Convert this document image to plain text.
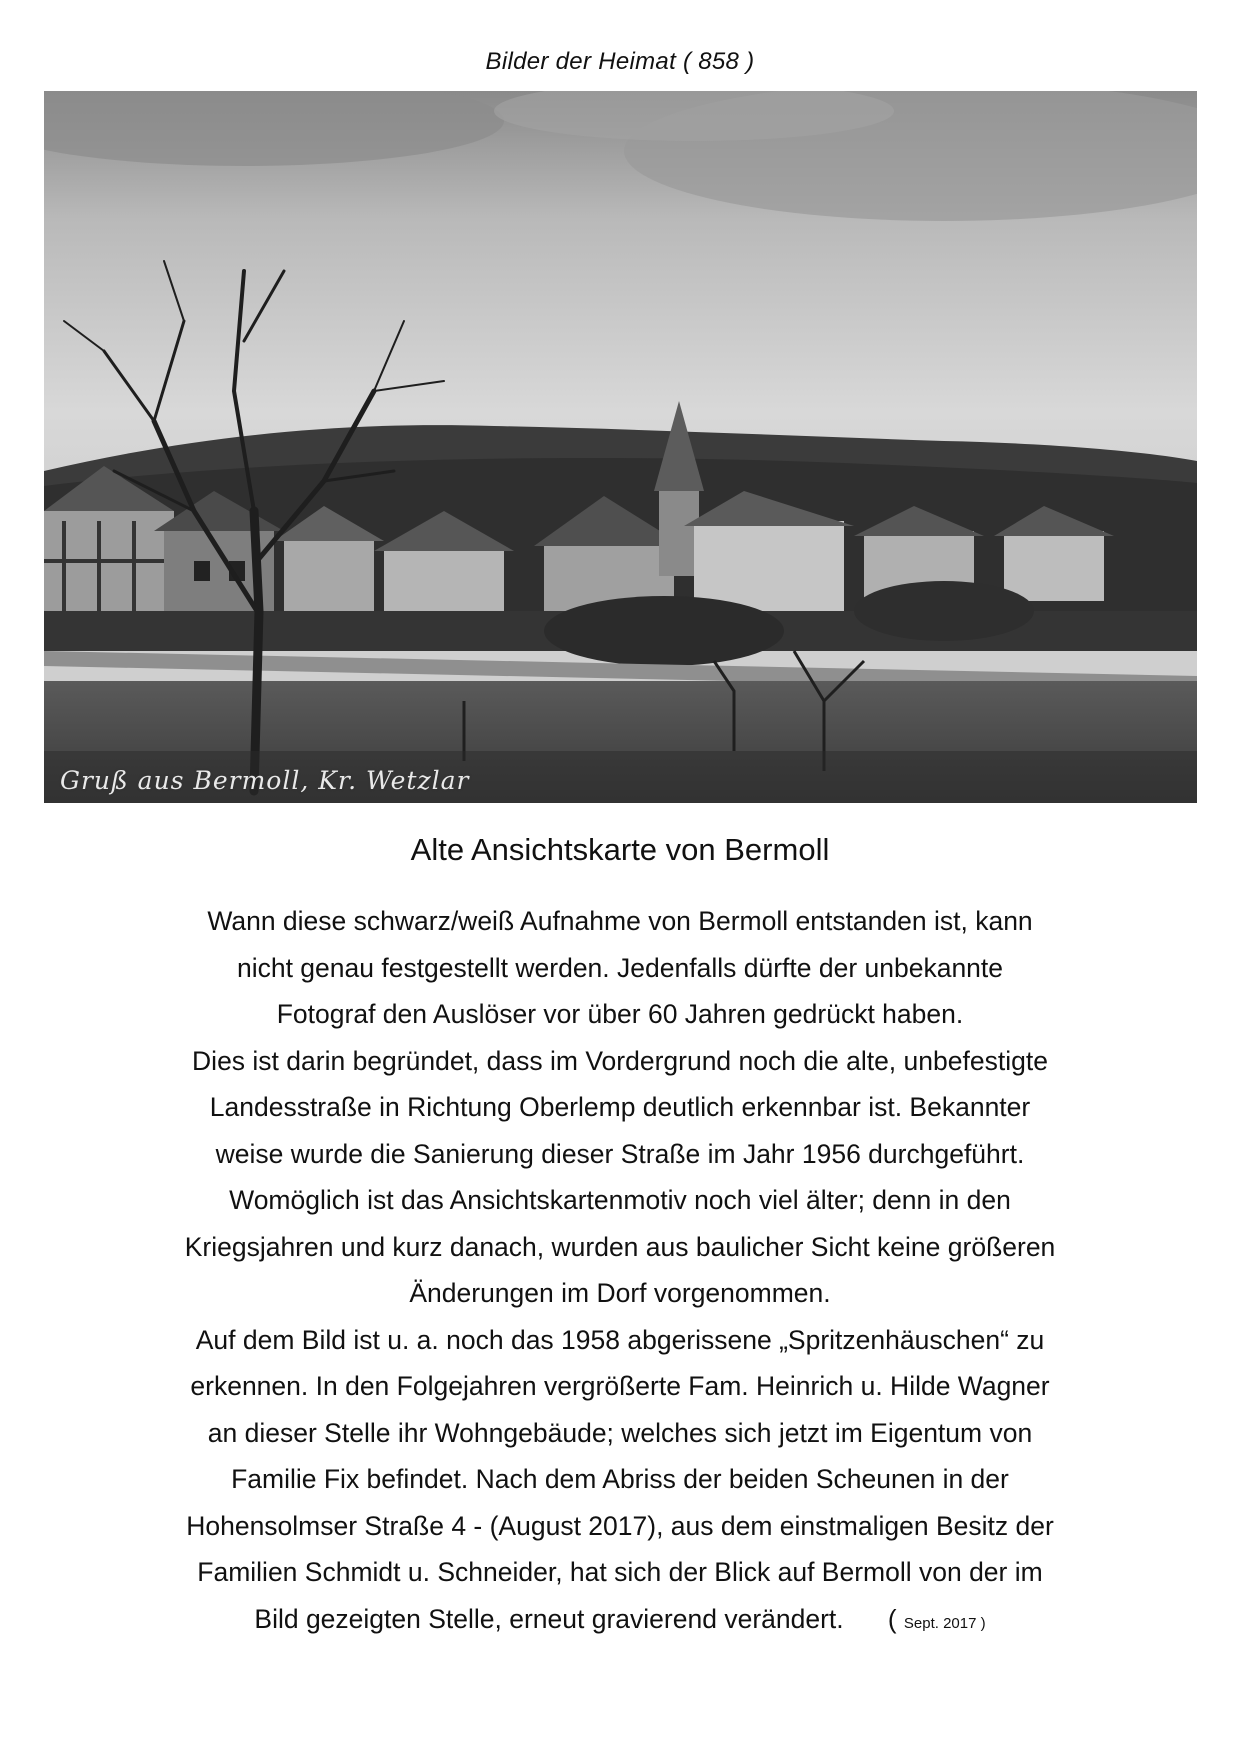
Bilder der Heimat ( 858 )
Gruß aus Bermoll, Kr. Wetzlar
Alte Ansichtskarte von Bermoll

Wann diese schwarz/weiß Aufnahme von Bermoll entstanden ist, kann

nicht genau festgestellt werden. Jedenfalls dürfte der unbekannte

Fotograf den Auslöser vor über 60 Jahren gedrückt haben.

Dies ist darin begründet, dass im Vordergrund noch die alte, unbefestigte

Landesstraße in Richtung Oberlemp deutlich erkennbar ist. Bekannter

weise wurde die Sanierung dieser Straße im Jahr 1956 durchgeführt.

Womöglich ist das Ansichtskartenmotiv noch viel älter; denn in den

Kriegsjahren und kurz danach, wurden aus baulicher Sicht keine größeren

Änderungen im Dorf vorgenommen.

Auf dem Bild ist u. a. noch das 1958 abgerissene „Spritzenhäuschen“ zu

erkennen. In den Folgejahren vergrößerte Fam. Heinrich u. Hilde Wagner

an dieser Stelle ihr Wohngebäude; welches sich jetzt im Eigentum von

Familie Fix befindet. Nach dem Abriss der beiden Scheunen in der

Hohensolmser Straße 4 - (August 2017), aus dem einstmaligen Besitz der

Familien Schmidt u. Schneider, hat sich der Blick auf Bermoll von der im

Bild gezeigten Stelle, erneut gravierend verändert. ( Sept. 2017 )
